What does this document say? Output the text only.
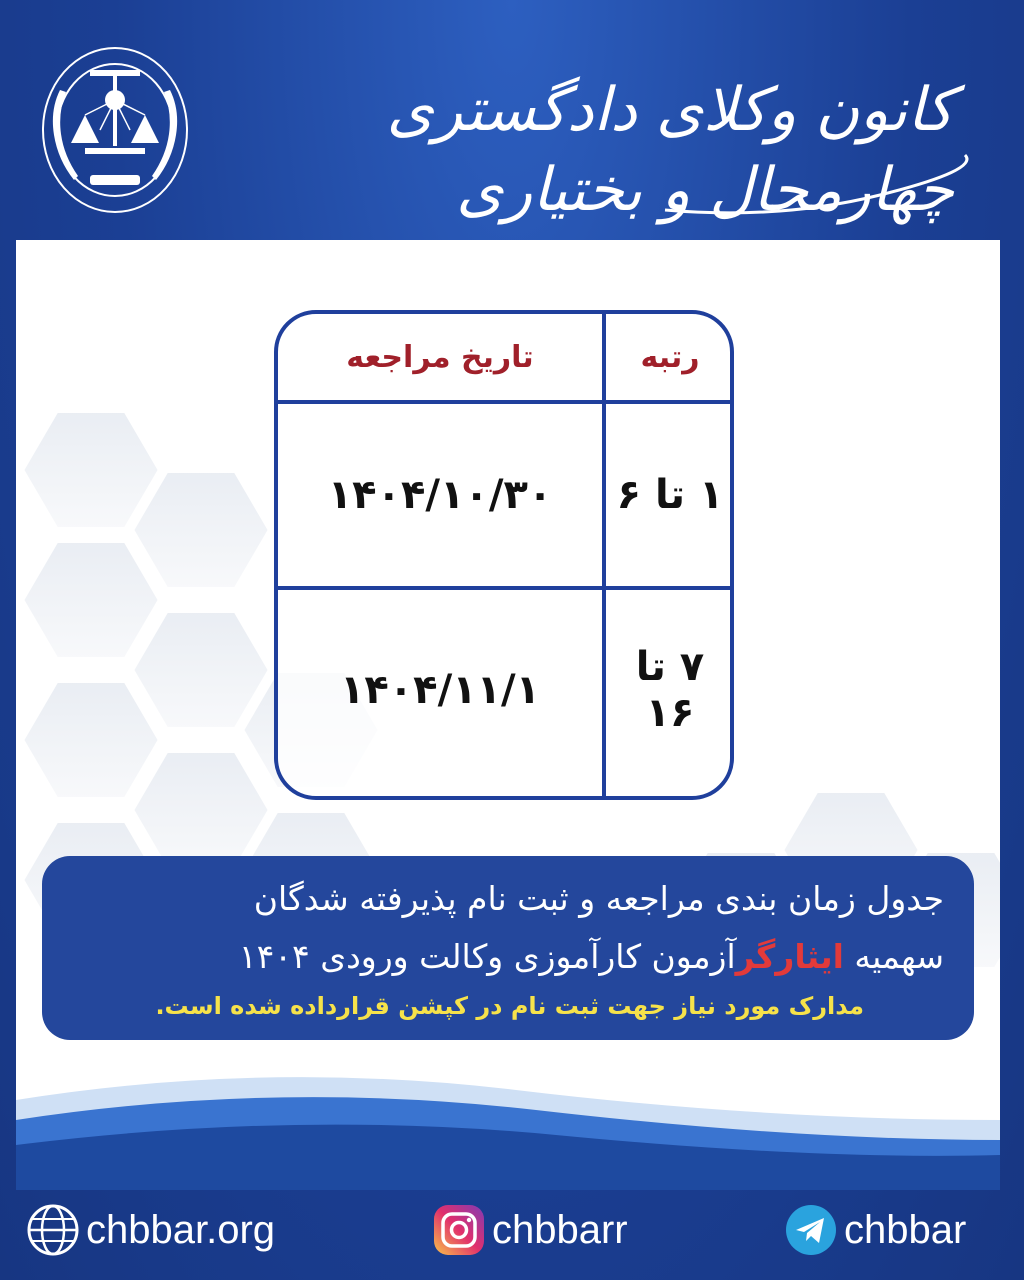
کانون وکلای دادگستری چهارمحال و بختیاری
رتبه
تاریخ مراجعه
۱ تا ۶
۱۴۰۴/۱۰/۳۰
۷ تا ۱۶
۱۴۰۴/۱۱/۱
جدول زمان بندی مراجعه و ثبت نام پذیرفته شدگان
سهمیه ایثارگرآزمون کارآموزی وکالت ورودی ۱۴۰۴
مدارک مورد نیاز جهت ثبت نام در کپشن قرارداده شده است.
chbbar.org	chbbarr	chbbar
